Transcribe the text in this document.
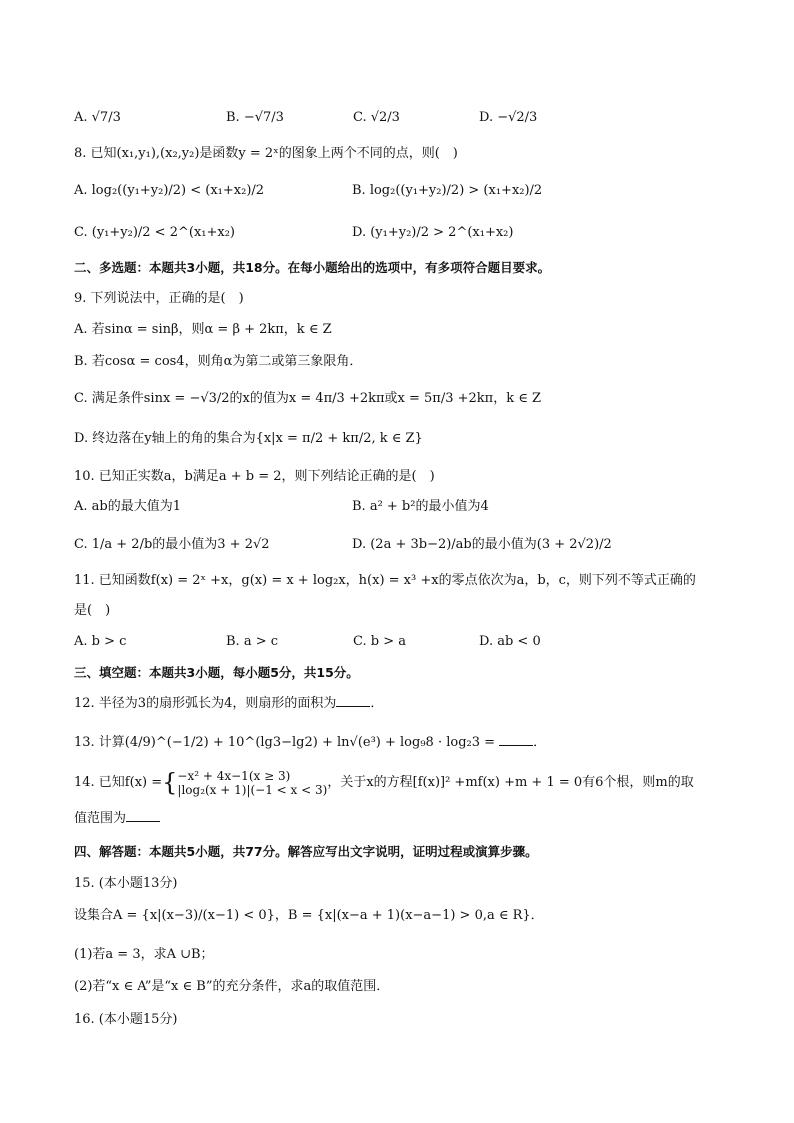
A. √7/3	B. −√7/3	C. √2/3	D. −√2/3
8. 已知(x₁,y₁),(x₂,y₂)是函数y = 2ˣ的图象上两个不同的点，则(　)
A. log₂((y₁+y₂)/2) < (x₁+x₂)/2	B. log₂((y₁+y₂)/2) > (x₁+x₂)/2
C. (y₁+y₂)/2 < 2^(x₁+x₂)	D. (y₁+y₂)/2 > 2^(x₁+x₂)
二、多选题：本题共3小题，共18分。在每小题给出的选项中，有多项符合题目要求。
9. 下列说法中，正确的是(　)
A. 若sinα = sinβ，则α = β + 2kπ，k ∈ Z
B. 若cosα = cos4，则角α为第二或第三象限角．
C. 满足条件sinx = −√3/2的x的值为x = 4π/3 +2kπ或x = 5π/3 +2kπ，k ∈ Z
D. 终边落在y轴上的角的集合为{x|x = π/2 + kπ/2, k ∈ Z}
10. 已知正实数a，b满足a + b = 2，则下列结论正确的是(　)
A. ab的最大值为1	B. a² + b²的最小值为4
C. 1/a + 2/b的最小值为3 + 2√2	D. (2a + 3b−2)/ab的最小值为(3 + 2√2)/2
11. 已知函数f(x) = 2ˣ +x，g(x) = x + log₂x，h(x) = x³ +x的零点依次为a，b，c，则下列不等式正确的
是(　)
A. b > c	B. a > c	C. b > a	D. ab < 0
三、填空题：本题共3小题，每小题5分，共15分。
12. 半径为3的扇形弧长为4，则扇形的面积为	．
13. 计算(4/9)^(−1/2) + 10^(lg3−lg2) + ln√(e³) + log₉8 · log₂3 =	．
14. 已知f(x) ={ −x² + 4x−1(x ≥ 3)
|log₂(x + 1)|(−1 < x < 3) ，关于x的方程[f(x)]² +mf(x) +m + 1 = 0有6个根，则m的取
值范围为
四、解答题：本题共5小题，共77分。解答应写出文字说明，证明过程或演算步骤。
15. (本小题13分)
设集合A = {x|(x−3)/(x−1) < 0}，B = {x|(x−a + 1)(x−a−1) > 0,a ∈ R}．
(1)若a = 3，求A ∪B；
(2)若“x ∈ A”是“x ∈ B”的充分条件，求a的取值范围．
16. (本小题15分)
